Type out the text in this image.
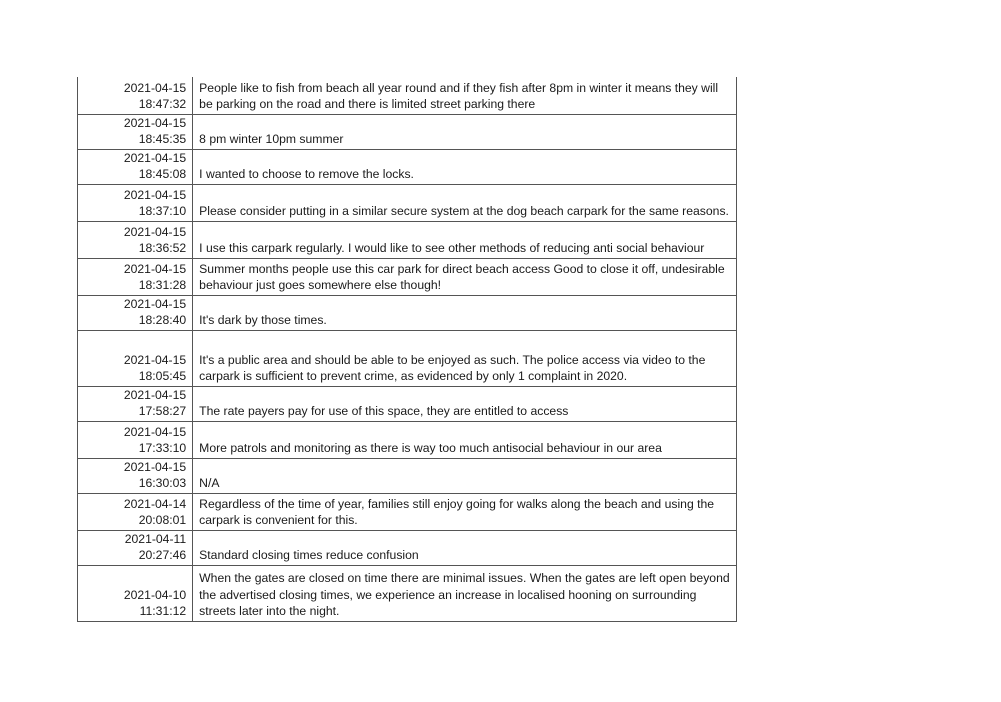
2021-04-15
18:47:32	People like to fish from beach all year round and if they fish after 8pm in winter it means they will be parking on the road and there is limited street parking there

2021-04-15
18:45:35	8 pm winter 10pm summer

2021-04-15
18:45:08	I wanted to choose to remove the locks.

2021-04-15
18:37:10	Please consider putting in a similar secure system at the dog beach carpark for the same reasons.

2021-04-15
18:36:52	I use this carpark regularly. I would like to see other methods of reducing anti social behaviour

2021-04-15
18:31:28	Summer months people use this car park for direct beach access Good to close it off, undesirable behaviour just goes somewhere else though!

2021-04-15
18:28:40	It's dark by those times.

2021-04-15
18:05:45	It's a public area and should be able to be enjoyed as such. The police access via video to the carpark is sufficient to prevent crime, as evidenced by only 1 complaint in 2020.

2021-04-15
17:58:27	The rate payers pay for use of this space, they are entitled to access

2021-04-15
17:33:10	More patrols and monitoring as there is way too much antisocial behaviour in our area

2021-04-15
16:30:03	N/A

2021-04-14
20:08:01	Regardless of the time of year, families still enjoy going for walks along the beach and using the carpark is convenient for this.

2021-04-11
20:27:46	Standard closing times reduce confusion

2021-04-10
11:31:12	When the gates are closed on time there are minimal issues. When the gates are left open beyond the advertised closing times, we experience an increase in localised hooning on surrounding streets later into the night.
